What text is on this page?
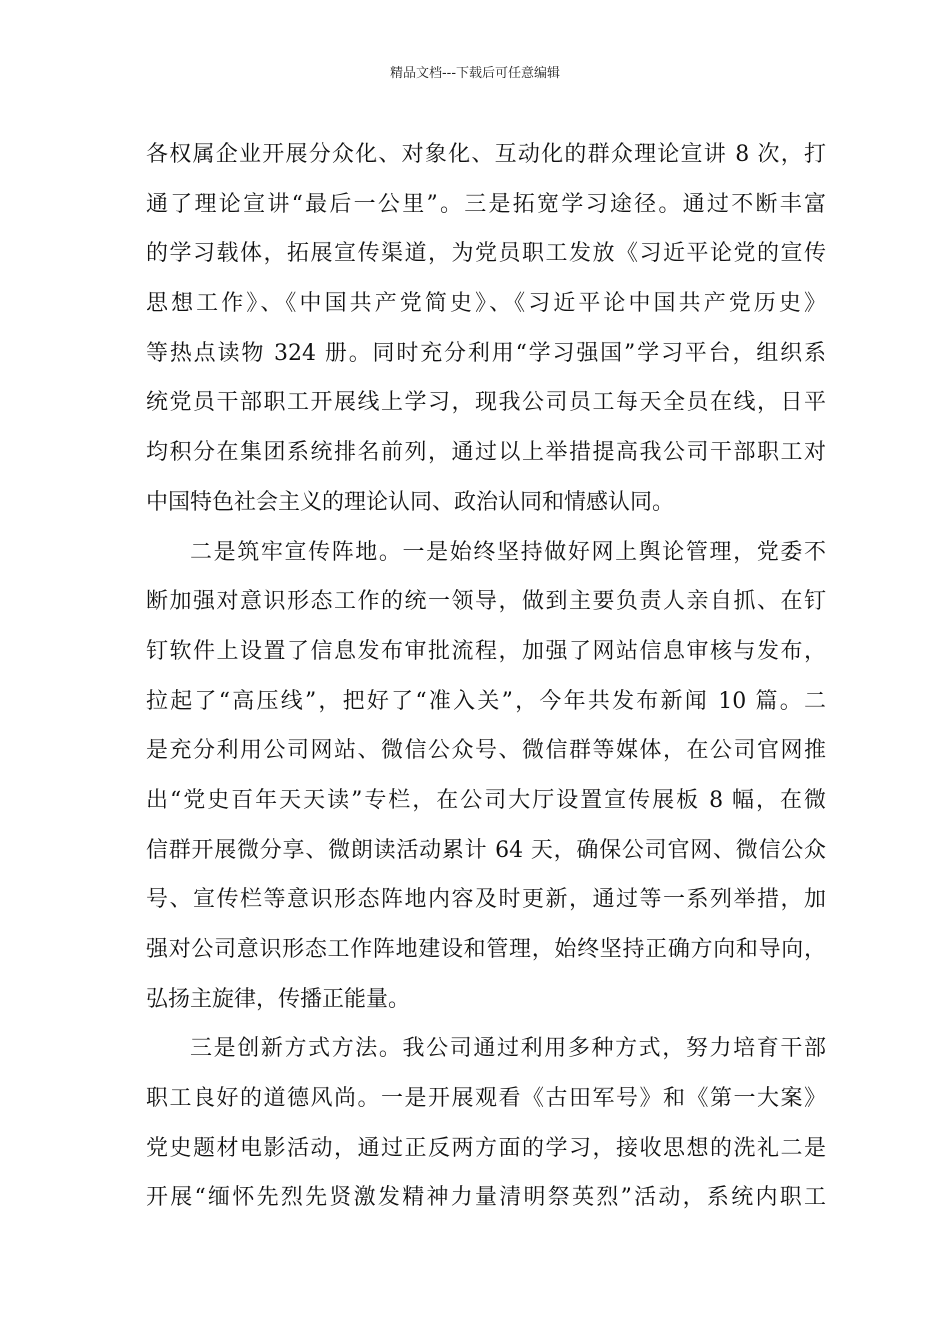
精品文档---下载后可任意编辑
各权属企业开展分众化、对象化、互动化的群众理论宣讲 8 次，打
通了理论宣讲“最后一公里”。三是拓宽学习途径。通过不断丰富
的学习载体，拓展宣传渠道，为党员职工发放《习近平论党的宣传
思想工作》、《中国共产党简史》、《习近平论中国共产党历史》
等热点读物 324 册。同时充分利用“学习强国”学习平台，组织系
统党员干部职工开展线上学习，现我公司员工每天全员在线，日平
均积分在集团系统排名前列，通过以上举措提高我公司干部职工对
中国特色社会主义的理论认同、政治认同和情感认同。
二是筑牢宣传阵地。一是始终坚持做好网上舆论管理，党委不
断加强对意识形态工作的统一领导，做到主要负责人亲自抓、在钉
钉软件上设置了信息发布审批流程，加强了网站信息审核与发布，
拉起了“高压线”，把好了“准入关”，今年共发布新闻 10 篇。二
是充分利用公司网站、微信公众号、微信群等媒体，在公司官网推
出“党史百年天天读”专栏，在公司大厅设置宣传展板 8 幅，在微
信群开展微分享、微朗读活动累计 64 天，确保公司官网、微信公众
号、宣传栏等意识形态阵地内容及时更新，通过等一系列举措，加
强对公司意识形态工作阵地建设和管理，始终坚持正确方向和导向，
弘扬主旋律，传播正能量。
三是创新方式方法。我公司通过利用多种方式，努力培育干部
职工良好的道德风尚。一是开展观看《古田军号》和《第一大案》
党史题材电影活动，通过正反两方面的学习，接收思想的洗礼二是
开展“缅怀先烈先贤激发精神力量清明祭英烈”活动，系统内职工
